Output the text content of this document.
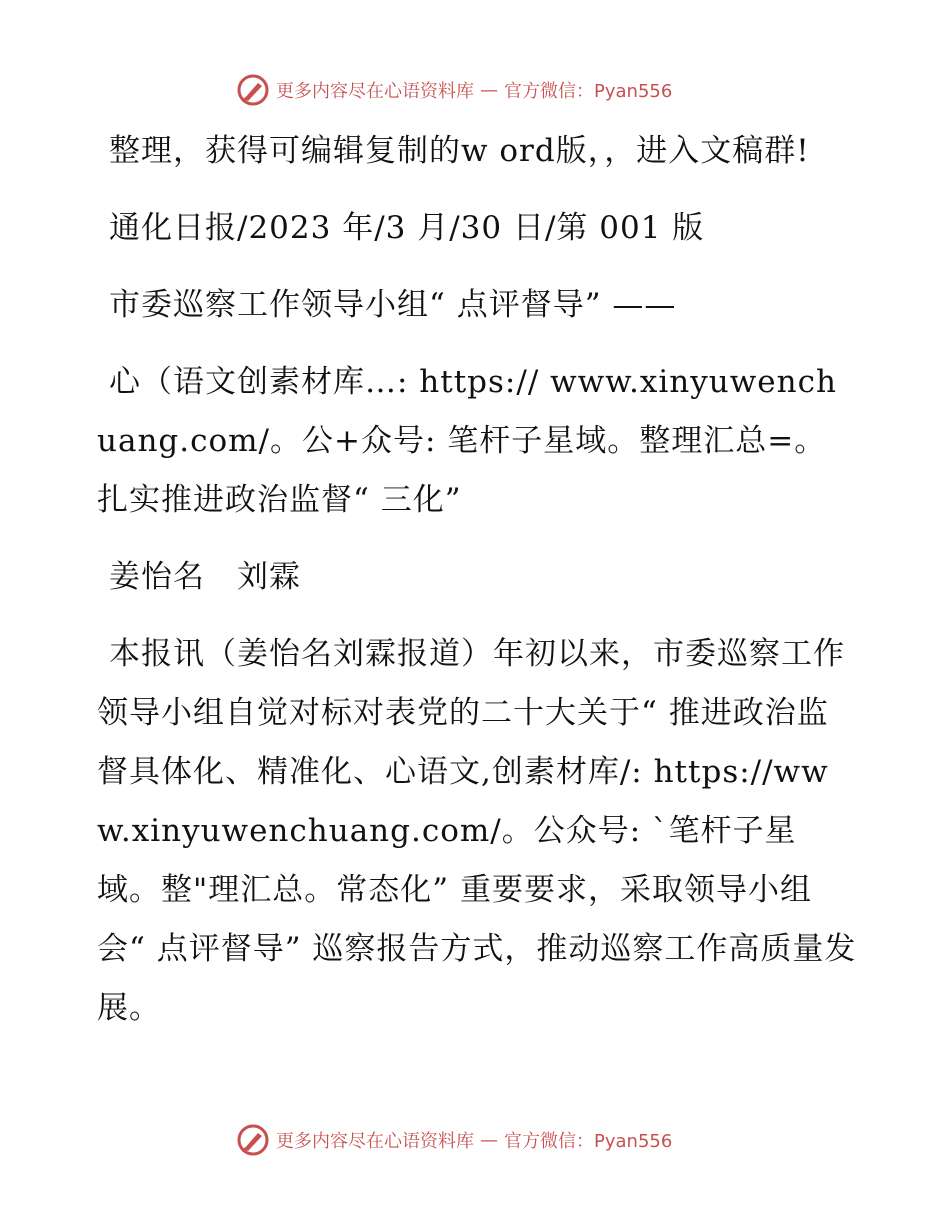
更多内容尽在心语资料库 — 官方微信：Pyan556

整理，获得可编辑复制的w ord版，，进入文稿群!

通化日报/2023 年/3 月/30 日/第 001 版

市委巡察工作领导小组“ 点评督导” ——

心（语文创素材库…: https:// www.xinyuwenchuang.com/。公+众号: 笔杆子星域。整理汇总=。扎实推进政治监督“ 三化”

姜怡名　刘霖

本报讯（姜怡名刘霖报道）年初以来，市委巡察工作领导小组自觉对标对表党的二十大关于“ 推进政治监督具体化、精准化、心语文,创素材库/: https://www.xinyuwenchuang.com/。公众号: `笔杆子星域。整"理汇总。常态化” 重要要求，采取领导小组会“ 点评督导” 巡察报告方式，推动巡察工作高质量发展。

更多内容尽在心语资料库 — 官方微信：Pyan556
